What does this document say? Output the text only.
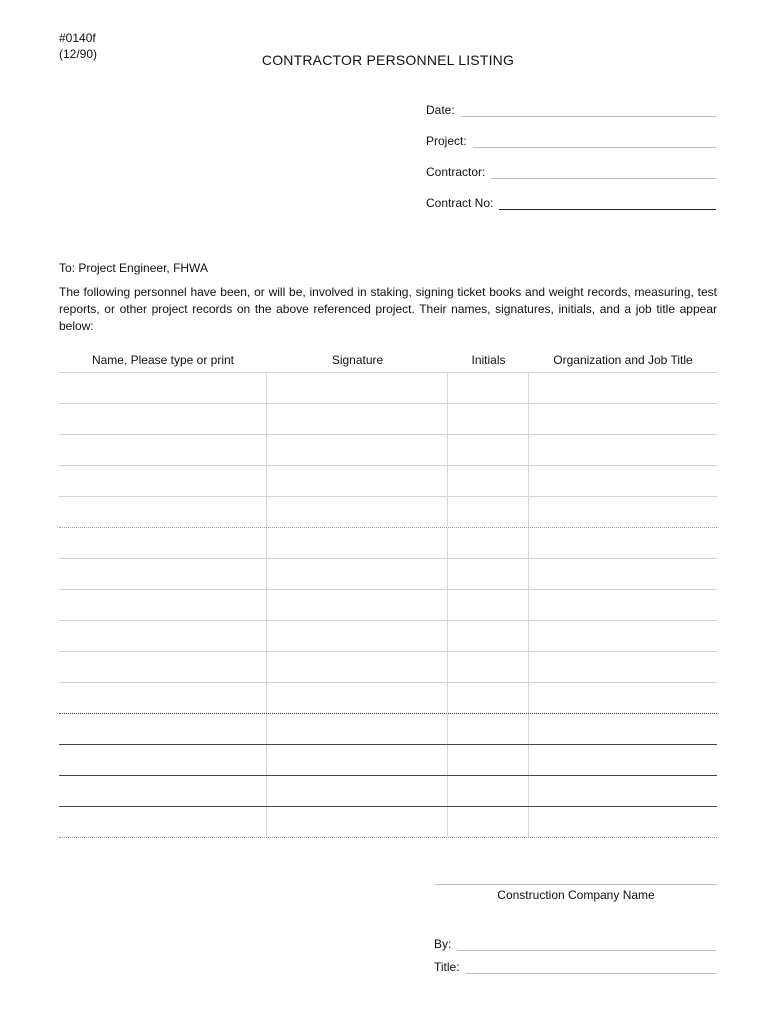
#0140f
(12/90)	CONTRACTOR PERSONNEL LISTING
Date:
Project:
Contractor:
Contract No:
To: Project Engineer, FHWA
The following personnel have been, or will be, involved in staking, signing ticket books and weight records, measuring, test reports, or other project records on the above referenced project. Their names, signatures, initials, and a job title appear below:
Name, Please type or print	Signature	Initials	Organization and Job Title
Construction Company Name
By:
Title:
